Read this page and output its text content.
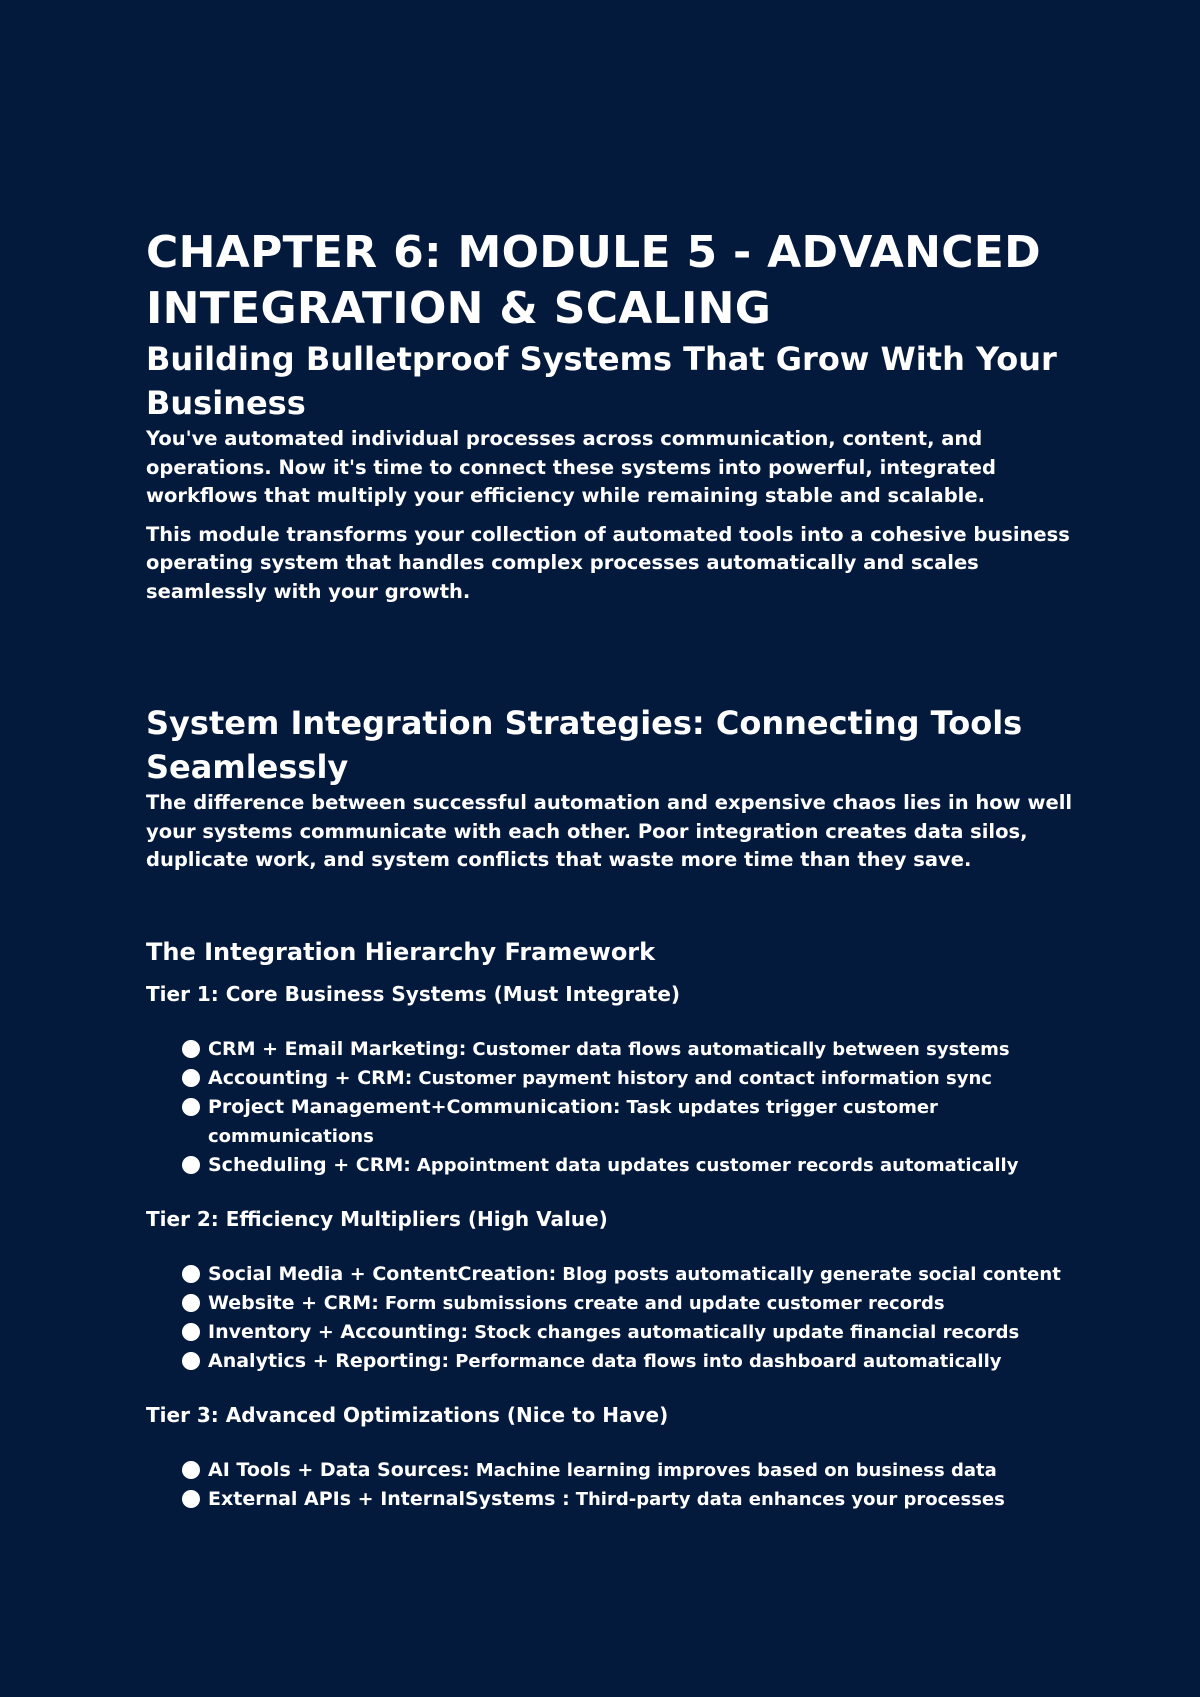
CHAPTER 6: MODULE 5 - ADVANCED INTEGRATION & SCALING
Building Bulletproof Systems That Grow With Your Business

You've automated individual processes across communication, content, and operations. Now it's time to connect these systems into powerful, integrated workflows that multiply your efficiency while remaining stable and scalable.

This module transforms your collection of automated tools into a cohesive business operating system that handles complex processes automatically and scales seamlessly with your growth.

System Integration Strategies: Connecting Tools Seamlessly

The difference between successful automation and expensive chaos lies in how well your systems communicate with each other. Poor integration creates data silos, duplicate work, and system conflicts that waste more time than they save.

The Integration Hierarchy Framework
Tier 1: Core Business Systems (Must Integrate)
CRM + Email Marketing: Customer data flows automatically between systems
Accounting + CRM: Customer payment history and contact information sync
Project Management+Communication: Task updates trigger customer communications
Scheduling + CRM: Appointment data updates customer records automatically
Tier 2: Efficiency Multipliers (High Value)
Social Media + ContentCreation: Blog posts automatically generate social content
Website + CRM: Form submissions create and update customer records
Inventory + Accounting: Stock changes automatically update financial records
Analytics + Reporting: Performance data flows into dashboard automatically
Tier 3: Advanced Optimizations (Nice to Have)
AI Tools + Data Sources: Machine learning improves based on business data
External APIs + InternalSystems : Third-party data enhances your processes
